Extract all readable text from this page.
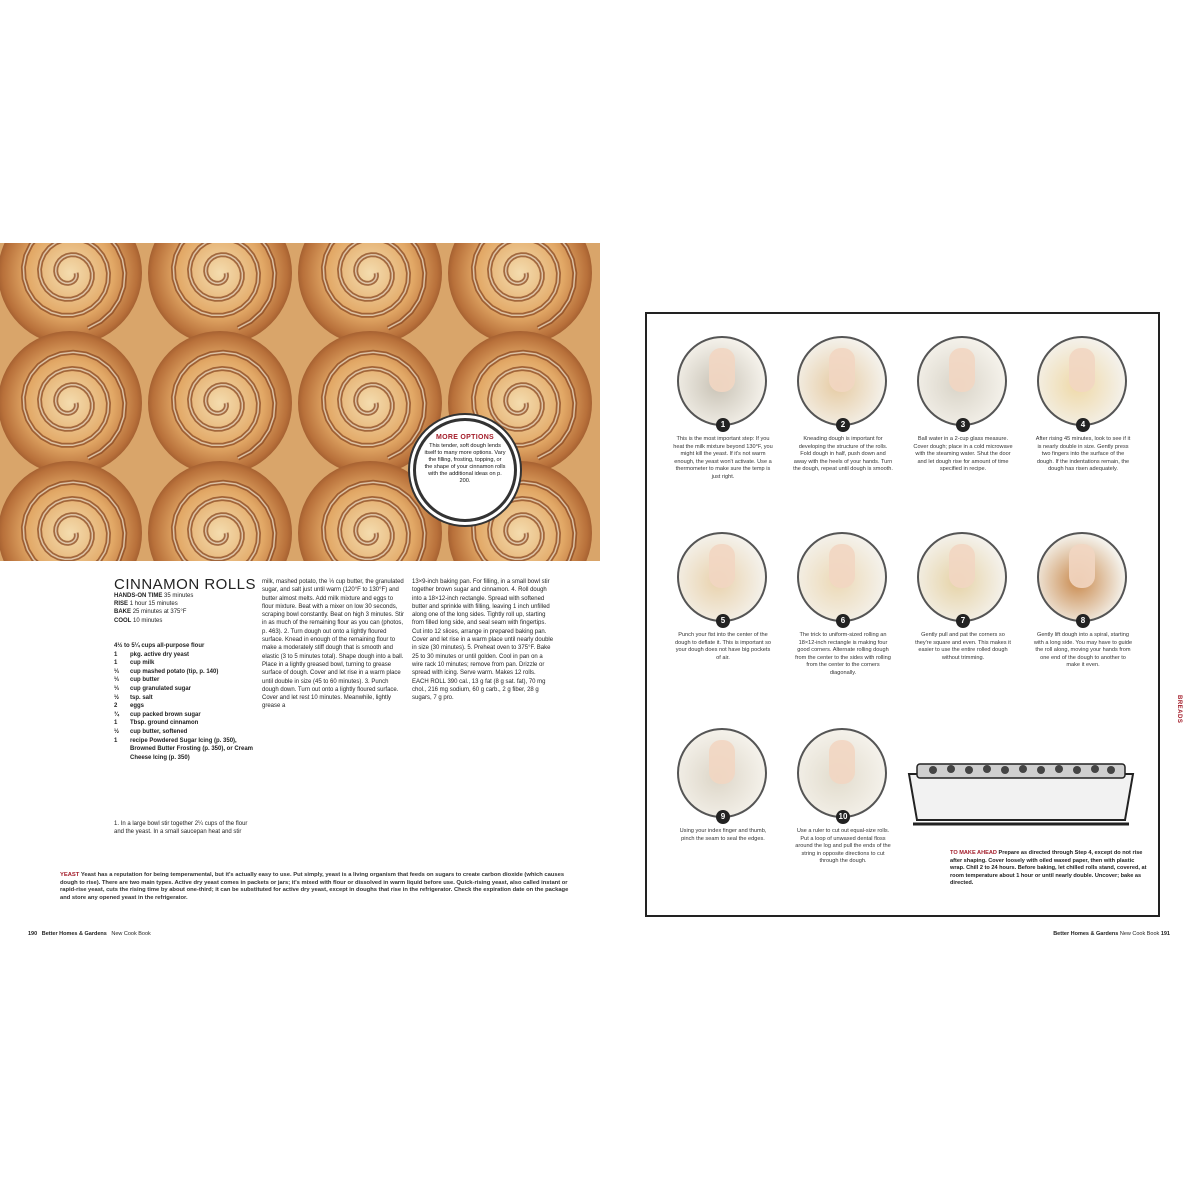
MORE OPTIONS
This tender, soft dough lends itself to many more options. Vary the filling, frosting, topping, or the shape of your cinnamon rolls with the additional ideas on p. 200.
CINNAMON ROLLS
HANDS-ON TIME 35 minutes
RISE 1 hour 15 minutes
BAKE 25 minutes at 375°F
COOL 10 minutes
4½ to 5¼ cups all-purpose flour
1	pkg. active dry yeast
1	cup milk
⅓	cup mashed potato (tip, p. 140)
⅓	cup butter
⅓	cup granulated sugar
½	tsp. salt
2	eggs
¾	cup packed brown sugar
1	Tbsp. ground cinnamon
½	cup butter, softened
1	recipe Powdered Sugar Icing (p. 350), Browned Butter Frosting (p. 350), or Cream Cheese Icing (p. 350)
1. In a large bowl stir together 2¼ cups of the flour and the yeast. In a small saucepan heat and stir
milk, mashed potato, the ⅓ cup butter, the granulated sugar, and salt just until warm (120°F to 130°F) and butter almost melts. Add milk mixture and eggs to flour mixture. Beat with a mixer on low 30 seconds, scraping bowl constantly. Beat on high 3 minutes. Stir in as much of the remaining flour as you can (photos, p. 463). 2. Turn dough out onto a lightly floured surface. Knead in enough of the remaining flour to make a moderately stiff dough that is smooth and elastic (3 to 5 minutes total). Shape dough into a ball. Place in a lightly greased bowl, turning to grease surface of dough. Cover and let rise in a warm place until double in size (45 to 60 minutes). 3. Punch dough down. Turn out onto a lightly floured surface. Cover and let rest 10 minutes. Meanwhile, lightly grease a
13×9-inch baking pan. For filling, in a small bowl stir together brown sugar and cinnamon. 4. Roll dough into a 18×12-inch rectangle. Spread with softened butter and sprinkle with filling, leaving 1 inch unfilled along one of the long sides. Tightly roll up, starting from filled long side, and seal seam with fingertips. Cut into 12 slices, arrange in prepared baking pan. Cover and let rise in a warm place until nearly double in size (30 minutes). 5. Preheat oven to 375°F. Bake 25 to 30 minutes or until golden. Cool in pan on a wire rack 10 minutes; remove from pan. Drizzle or spread with icing. Serve warm. Makes 12 rolls. EACH ROLL 390 cal., 13 g fat (8 g sat. fat), 70 mg chol., 216 mg sodium, 60 g carb., 2 g fiber, 28 g sugars, 7 g pro.
YEAST Yeast has a reputation for being temperamental, but it's actually easy to use. Put simply, yeast is a living organism that feeds on sugars to create carbon dioxide (which causes dough to rise). There are two main types. Active dry yeast comes in packets or jars; it's mixed with flour or dissolved in warm liquid before use. Quick-rising yeast, also called instant or rapid-rise yeast, cuts the rising time by about one-third; it can be substituted for active dry yeast, except in doughs that rise in the refrigerator. Check the expiration date on the package and store any opened yeast in the refrigerator.
190 Better Homes & Gardens New Cook Book
TO MAKE AHEAD Prepare as directed through Step 4, except do not rise after shaping. Cover loosely with oiled waxed paper, then with plastic wrap. Chill 2 to 24 hours. Before baking, let chilled rolls stand, covered, at room temperature about 1 hour or until nearly double. Uncover; bake as directed.
1
This is the most important step: If you heat the milk mixture beyond 130°F, you might kill the yeast. If it's not warm enough, the yeast won't activate. Use a thermometer to make sure the temp is just right.
2
Kneading dough is important for developing the structure of the rolls. Fold dough in half, push down and away with the heels of your hands. Turn the dough, repeat until dough is smooth.
3
Ball water in a 2-cup glass measure. Cover dough; place in a cold microwave with the steaming water. Shut the door and let dough rise for amount of time specified in recipe.
4
After rising 45 minutes, look to see if it is nearly double in size. Gently press two fingers into the surface of the dough. If the indentations remain, the dough has risen adequately.
5
Punch your fist into the center of the dough to deflate it. This is important so your dough does not have big pockets of air.
6
The trick to uniform-sized rolling an 18×12-inch rectangle is making four good corners. Alternate rolling dough from the center to the sides with rolling from the center to the corners diagonally.
7
Gently pull and pat the corners so they're square and even. This makes it easier to use the entire rolled dough without trimming.
8
Gently lift dough into a spiral, starting with a long side. You may have to guide the roll along, moving your hands from one end of the dough to another to make it even.
9
Using your index finger and thumb, pinch the seam to seal the edges.
10
Use a ruler to cut out equal-size rolls. Put a loop of unwaxed dental floss around the log and pull the ends of the string in opposite directions to cut through the dough.
BREADS
Better Homes & Gardens New Cook Book 191
